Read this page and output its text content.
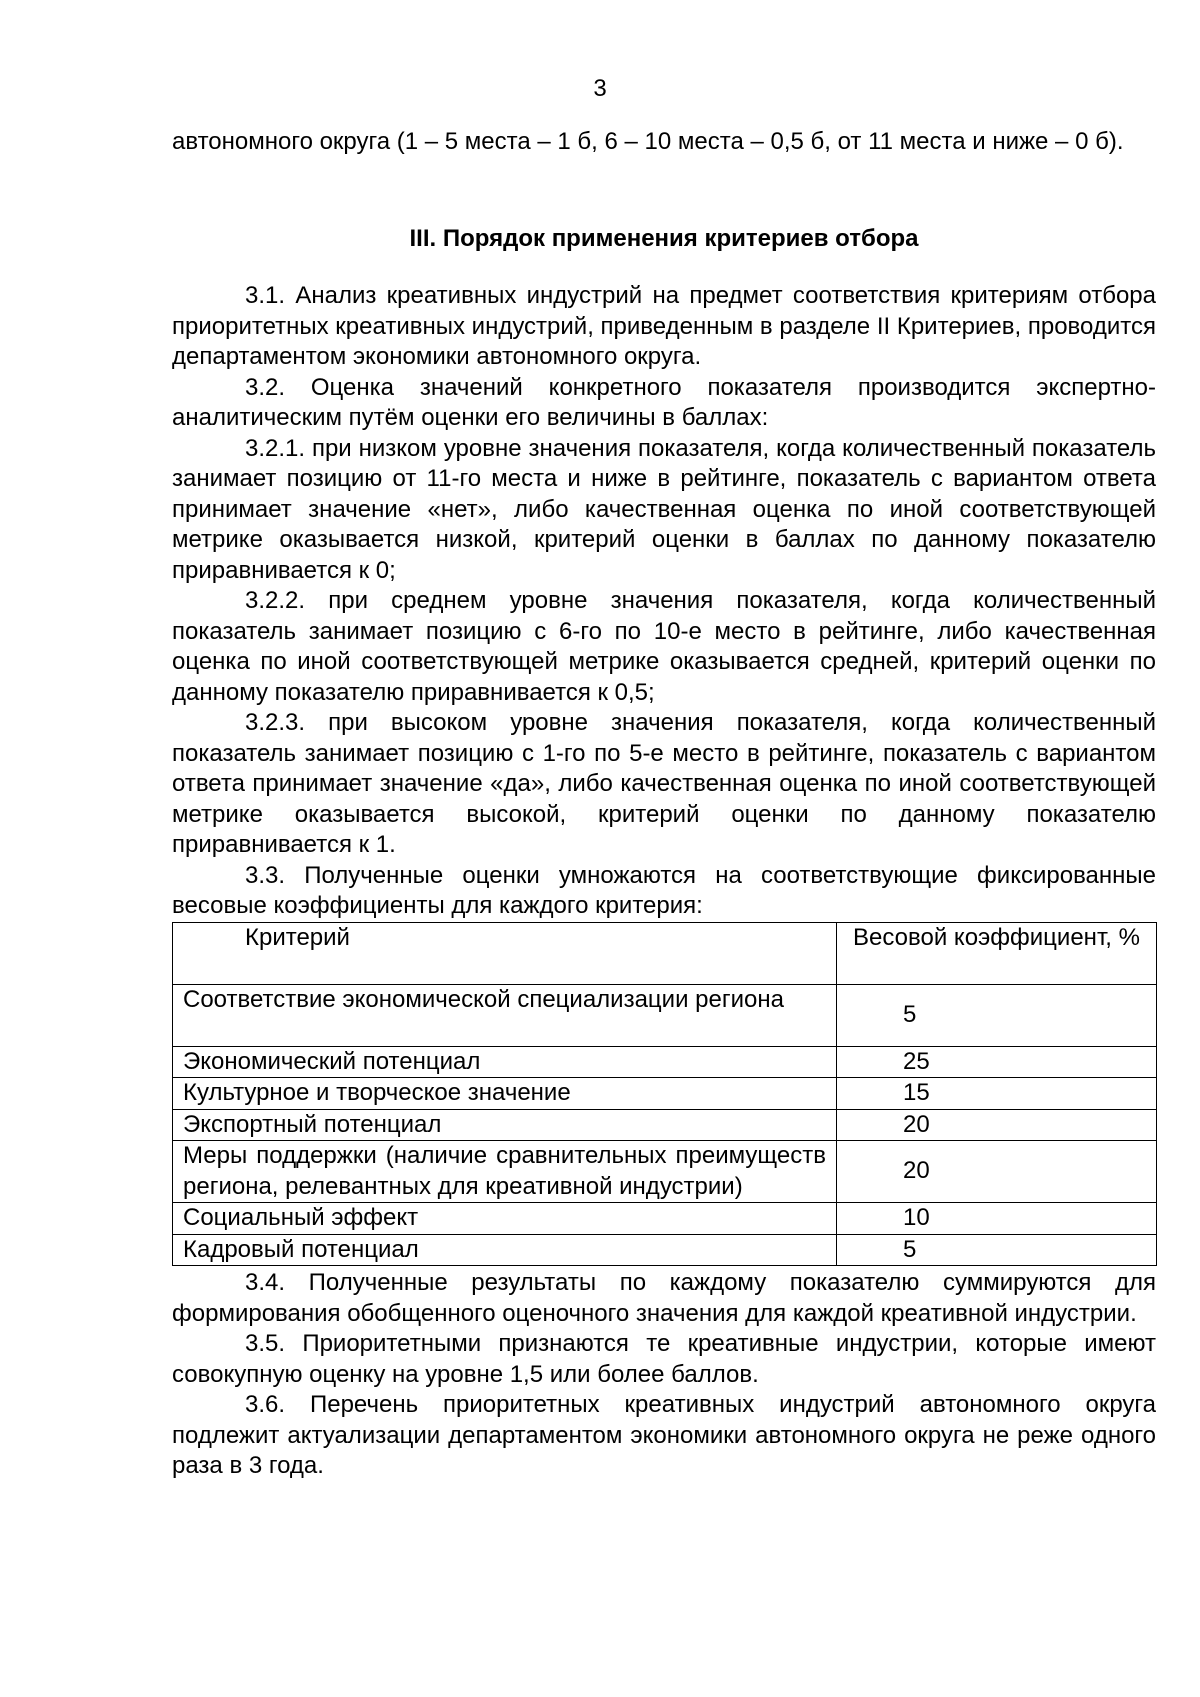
3

автономного округа (1 – 5 места – 1 б, 6 – 10 места – 0,5 б, от 11 места и ниже – 0 б).

III. Порядок применения критериев отбора

3.1. Анализ креативных индустрий на предмет соответствия критериям отбора приоритетных креативных индустрий, приведенным в разделе II Критериев, проводится департаментом экономики автономного округа.

3.2. Оценка значений конкретного показателя производится экспертно-аналитическим путём оценки его величины в баллах:

3.2.1. при низком уровне значения показателя, когда количественный показатель занимает позицию от 11-го места и ниже в рейтинге, показатель с вариантом ответа принимает значение «нет», либо качественная оценка по иной соответствующей метрике оказывается низкой, критерий оценки в баллах по данному показателю приравнивается к 0;

3.2.2. при среднем уровне значения показателя, когда количественный показатель занимает позицию с 6-го по 10-е место в рейтинге, либо качественная оценка по иной соответствующей метрике оказывается средней, критерий оценки по данному показателю приравнивается к 0,5;

3.2.3. при высоком уровне значения показателя, когда количественный показатель занимает позицию с 1-го по 5-е место в рейтинге, показатель с вариантом ответа принимает значение «да», либо качественная оценка по иной соответствующей метрике оказывается высокой, критерий оценки по данному показателю приравнивается к 1.

3.3. Полученные оценки умножаются на соответствующие фиксированные весовые коэффициенты для каждого критерия:

Критерий	Весовой коэффициент, %
Соответствие экономической специализации региона	5
Экономический потенциал	25
Культурное и творческое значение	15
Экспортный потенциал	20
Меры поддержки (наличие сравнительных преимуществ региона, релевантных для креативной индустрии)	20
Социальный эффект	10
Кадровый потенциал	5

3.4. Полученные результаты по каждому показателю суммируются для формирования обобщенного оценочного значения для каждой креативной индустрии.

3.5. Приоритетными признаются те креативные индустрии, которые имеют совокупную оценку на уровне 1,5 или более баллов.

3.6. Перечень приоритетных креативных индустрий автономного округа подлежит актуализации департаментом экономики автономного округа не реже одного раза в 3 года.
